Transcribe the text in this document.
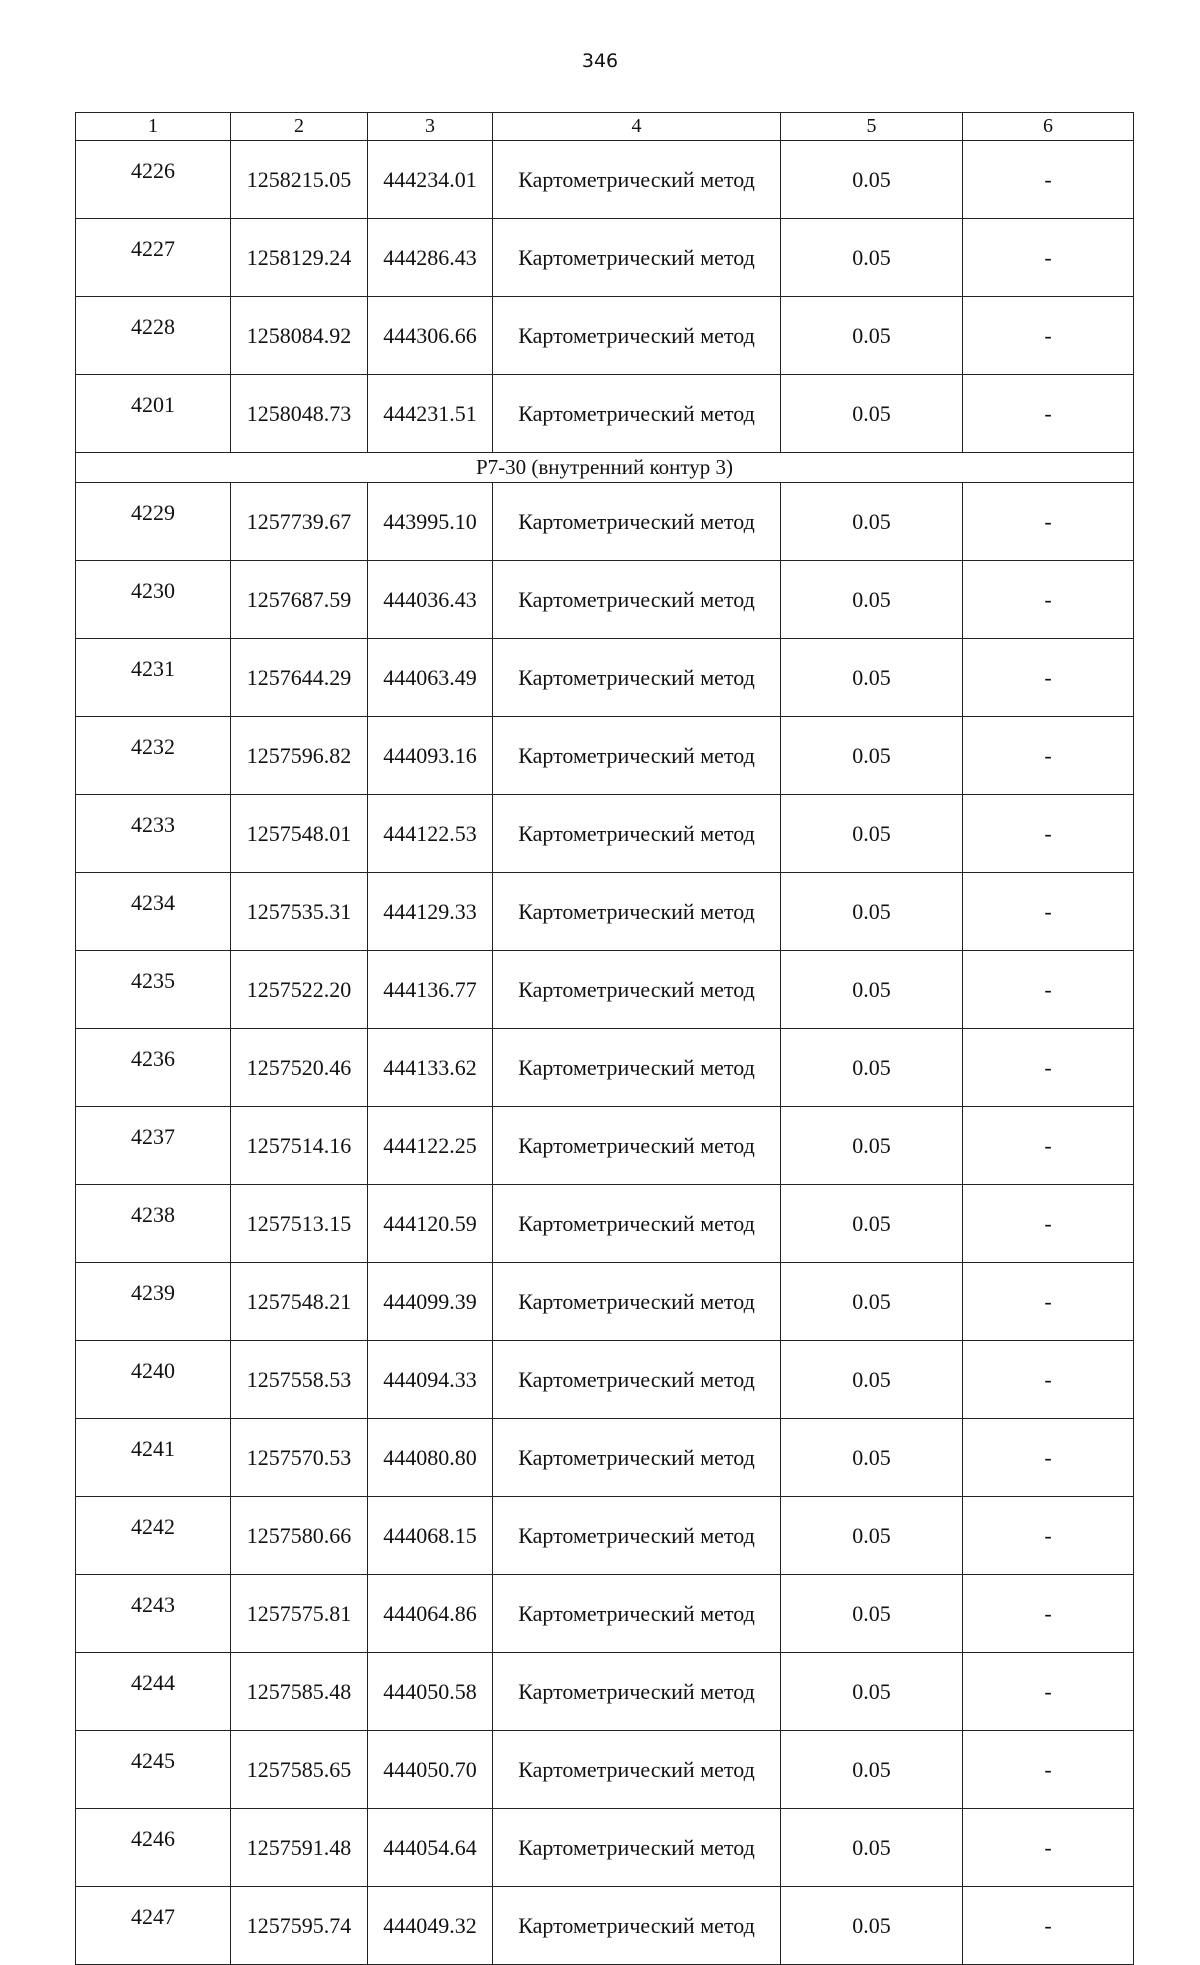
346
1	2	3	4	5	6
4226	1258215.05	444234.01	Картометрический метод	0.05	-
4227	1258129.24	444286.43	Картометрический метод	0.05	-
4228	1258084.92	444306.66	Картометрический метод	0.05	-
4201	1258048.73	444231.51	Картометрический метод	0.05	-
Р7-30 (внутренний контур 3)					
4229	1257739.67	443995.10	Картометрический метод	0.05	-
4230	1257687.59	444036.43	Картометрический метод	0.05	-
4231	1257644.29	444063.49	Картометрический метод	0.05	-
4232	1257596.82	444093.16	Картометрический метод	0.05	-
4233	1257548.01	444122.53	Картометрический метод	0.05	-
4234	1257535.31	444129.33	Картометрический метод	0.05	-
4235	1257522.20	444136.77	Картометрический метод	0.05	-
4236	1257520.46	444133.62	Картометрический метод	0.05	-
4237	1257514.16	444122.25	Картометрический метод	0.05	-
4238	1257513.15	444120.59	Картометрический метод	0.05	-
4239	1257548.21	444099.39	Картометрический метод	0.05	-
4240	1257558.53	444094.33	Картометрический метод	0.05	-
4241	1257570.53	444080.80	Картометрический метод	0.05	-
4242	1257580.66	444068.15	Картометрический метод	0.05	-
4243	1257575.81	444064.86	Картометрический метод	0.05	-
4244	1257585.48	444050.58	Картометрический метод	0.05	-
4245	1257585.65	444050.70	Картометрический метод	0.05	-
4246	1257591.48	444054.64	Картометрический метод	0.05	-
4247	1257595.74	444049.32	Картометрический метод	0.05	-
